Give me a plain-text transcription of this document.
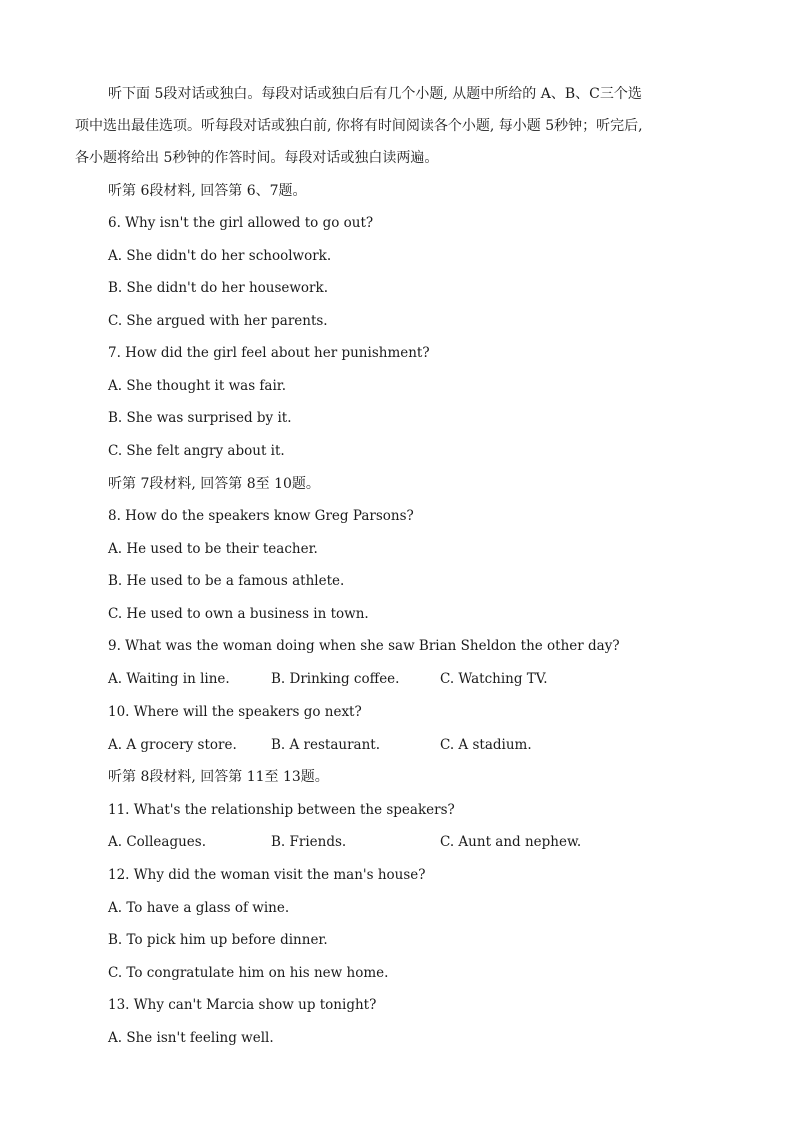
听下面 5段对话或独白。每段对话或独白后有几个小题, 从题中所给的 A、B、C三个选
项中选出最佳选项。听每段对话或独白前, 你将有时间阅读各个小题, 每小题 5秒钟；听完后,
各小题将给出 5秒钟的作答时间。每段对话或独白读两遍。
听第 6段材料, 回答第 6、7题。
6. Why isn't the girl allowed to go out?
A. She didn't do her schoolwork.
B. She didn't do her housework.
C. She argued with her parents.
7. How did the girl feel about her punishment?
A. She thought it was fair.
B. She was surprised by it.
C. She felt angry about it.
听第 7段材料, 回答第 8至 10题。
8. How do the speakers know Greg Parsons?
A. He used to be their teacher.
B. He used to be a famous athlete.
C. He used to own a business in town.
9. What was the woman doing when she saw Brian Sheldon the other day?
A. Waiting in line.	B. Drinking coffee.	C. Watching TV.
10. Where will the speakers go next?
A. A grocery store.	B. A restaurant.	C. A stadium.
听第 8段材料, 回答第 11至 13题。
11. What's the relationship between the speakers?
A. Colleagues.	B. Friends.	C. Aunt and nephew.
12. Why did the woman visit the man's house?
A. To have a glass of wine.
B. To pick him up before dinner.
C. To congratulate him on his new home.
13. Why can't Marcia show up tonight?
A. She isn't feeling well.
